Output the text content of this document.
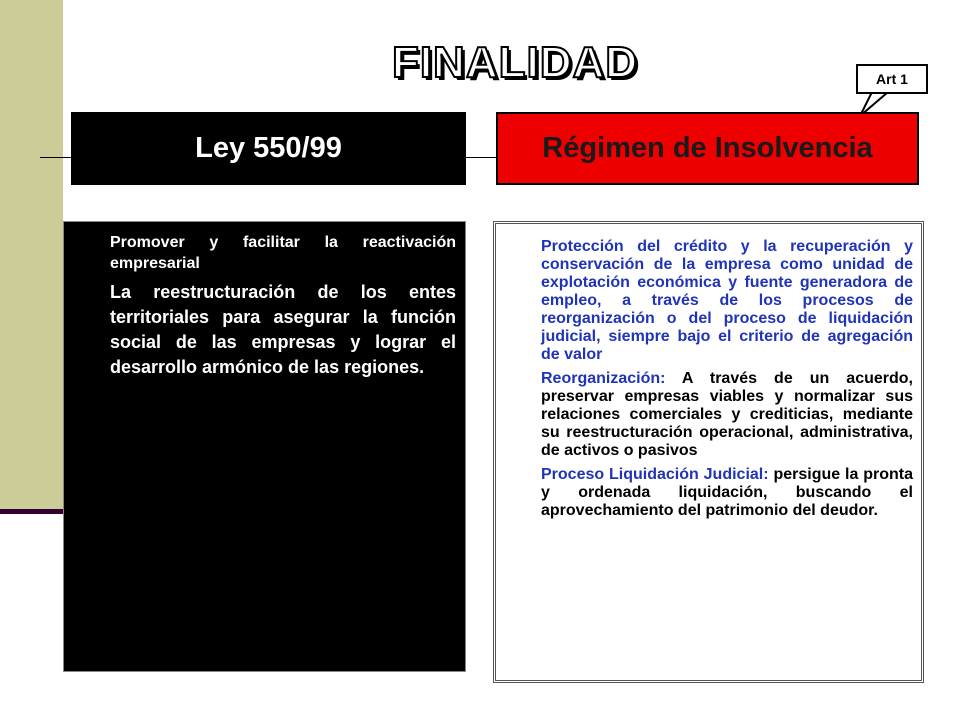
FINALIDAD	Art 1
Ley 550/99	Régimen de Insolvencia

Promover y facilitar la reactivación empresarial

La reestructuración de los entes territoriales para asegurar la función social de las empresas y lograr el desarrollo armónico de las regiones.

Protección del crédito y la recuperación y conservación de la empresa como unidad de explotación económica y fuente generadora de empleo, a través de los procesos de reorganización o del proceso de liquidación judicial, siempre bajo el criterio de agregación de valor

Reorganización: A través de un acuerdo, preservar empresas viables y normalizar sus relaciones comerciales y crediticias, mediante su reestructuración operacional, administrativa, de activos o pasivos

Proceso Liquidación Judicial: persigue la pronta y ordenada liquidación, buscando el aprovechamiento del patrimonio del deudor.
